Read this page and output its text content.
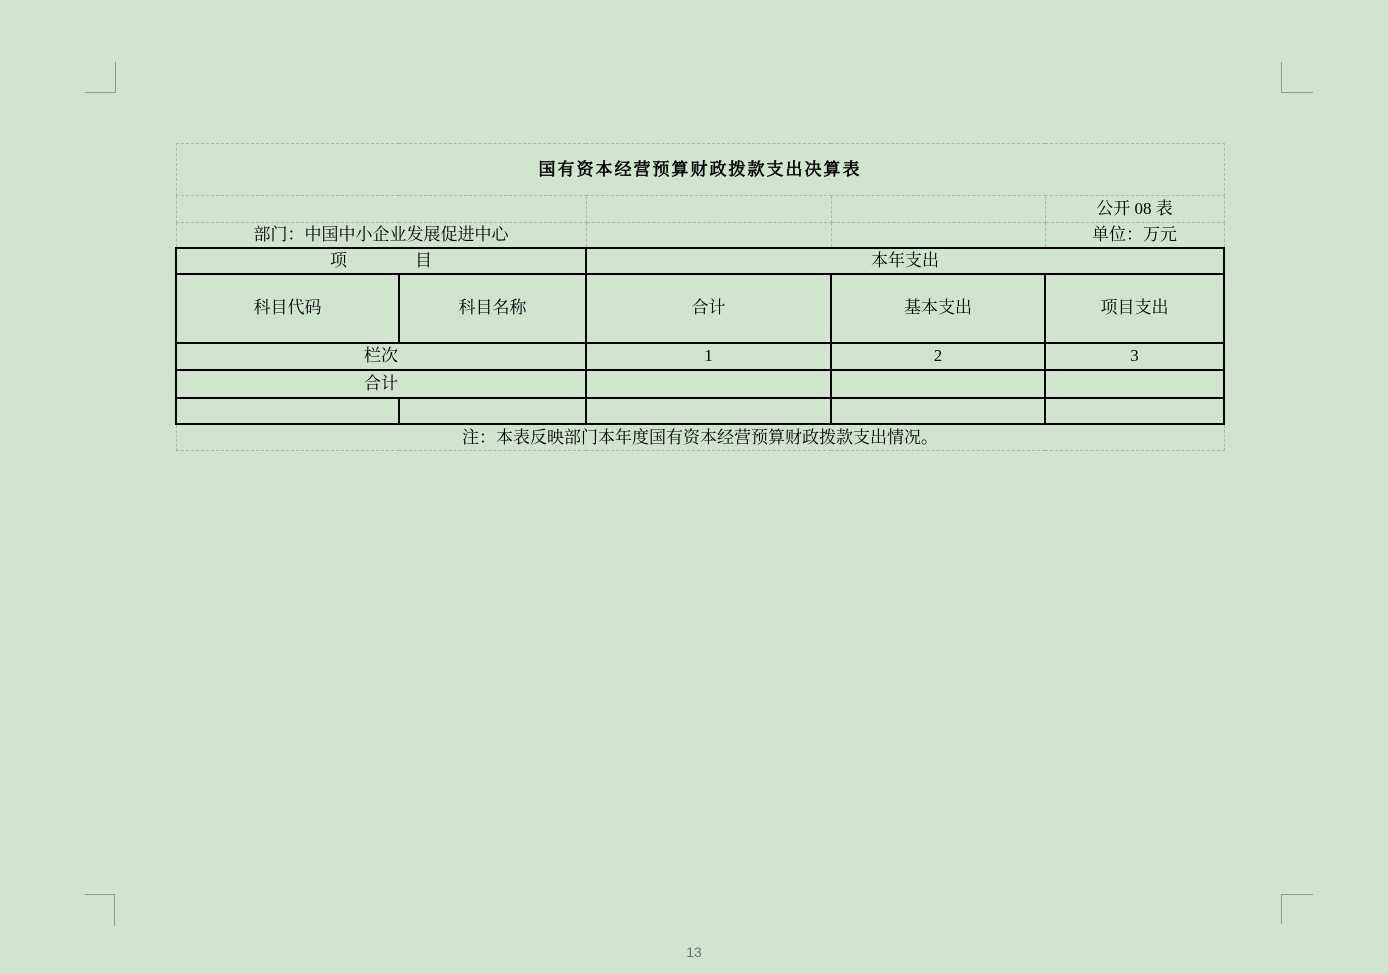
国有资本经营预算财政拨款支出决算表				
				公开 08 表
部门：中国中小企业发展促进中心				单位：万元
项　　　　目		本年支出		
科目代码	科目名称	合计	基本支出	项目支出
栏次		1	2	3
合计				

注：本表反映部门本年度国有资本经营预算财政拨款支出情况。				
13
